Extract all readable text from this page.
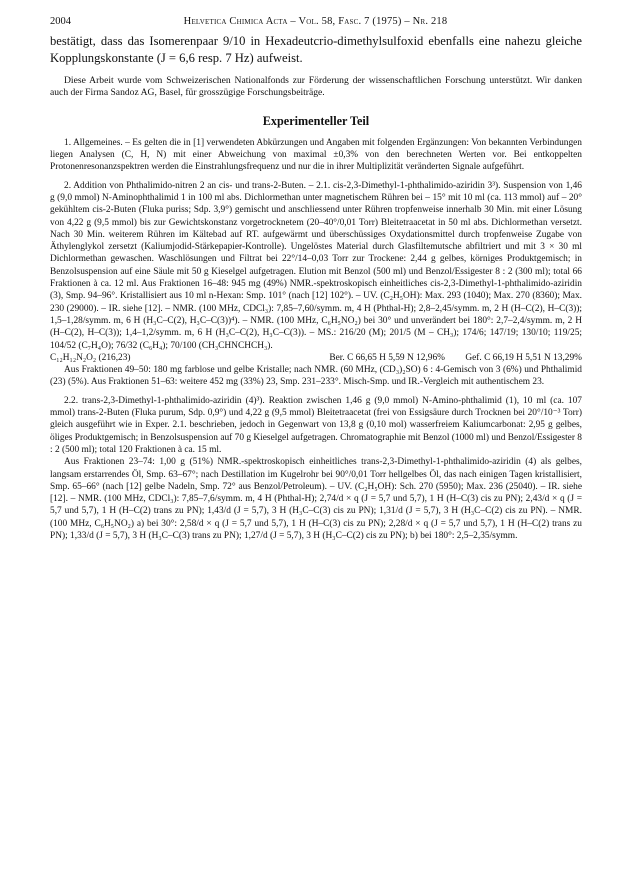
2004	Helvetica Chimica Acta – Vol. 58, Fasc. 7 (1975) – Nr. 218

bestätigt, dass das Isomerenpaar 9/10 in Hexadeutcrio-dimethylsulfoxid ebenfalls eine nahezu gleiche Kopplungskonstante (J = 6,6 resp. 7 Hz) aufweist.

Diese Arbeit wurde vom Schweizerischen Nationalfonds zur Förderung der wissenschaftlichen Forschung unterstützt. Wir danken auch der Firma Sandoz AG, Basel, für grosszügige Forschungsbeiträge.

Experimenteller Teil

1. Allgemeines. – Es gelten die in [1] verwendeten Abkürzungen und Angaben mit folgenden Ergänzungen: Von bekannten Verbindungen liegen Analysen (C, H, N) mit einer Abweichung von maximal ±0,3% von den berechneten Werten vor. Bei entkoppelten Protonenresonanzspektren werden die Einstrahlungsfrequenz und nur die in ihrer Multiplizität veränderten Signale aufgeführt.

2. Addition von Phthalimido-nitren 2 an cis- und trans-2-Buten. – 2.1. cis-2,3-Dimethyl-1-phthalimido-aziridin 3³). Suspension von 1,46 g (9,0 mmol) N-Aminophthalimid 1 in 100 ml abs. Dichlormethan unter magnetischem Rühren bei – 15° mit 10 ml (ca. 113 mmol) auf – 20° gekühltem cis-2-Buten (Fluka puriss; Sdp. 3,9°) gemischt und anschliessend unter Rühren tropfenweise innerhalb 30 Min. mit einer Lösung von 4,22 g (9,5 mmol) bis zur Gewichtskonstanz vorgetrocknetem (20–40°/0,01 Torr) Bleitetraacetat in 50 ml abs. Dichlormethan versetzt. Nach 30 Min. weiterem Rühren im Kältebad auf RT. aufgewärmt und überschüssiges Oxydationsmittel durch tropfenweise Zugabe von Äthylenglykol zersetzt (Kaliumjodid-Stärkepapier-Kontrolle). Ungelöstes Material durch Glasfiltemutsche abfiltriert und mit 3 × 30 ml Dichlormethan gewaschen. Waschlösungen und Filtrat bei 22°/14–0,03 Torr zur Trockene: 2,44 g gelbes, körniges Produktgemisch; in Benzolsuspension auf eine Säule mit 50 g Kieselgel aufgetragen. Elution mit Benzol (500 ml) und Benzol/Essigester 8 : 2 (300 ml); total 66 Fraktionen à ca. 12 ml. Aus Fraktionen 16–48: 945 mg (49%) NMR.-spektroskopisch einheitliches cis-2,3-Dimethyl-1-phthalimido-aziridin (3), Smp. 94–96°. Kristallisiert aus 10 ml n-Hexan: Smp. 101° (nach [12] 102°). – UV. (C₂H₅OH): Max. 293 (1040); Max. 270 (8360); Max. 230 (29000). – IR. siehe [12]. – NMR. (100 MHz, CDCl₃): 7,85–7,60/symm. m, 4 H (Phthal-H); 2,8–2,45/symm. m, 2 H (H–C(2), H–C(3)); 1,5–1,28/symm. m, 6 H (H₃C–C(2), H₃C–C(3))⁴). – NMR. (100 MHz, C₆H₅NO₂) bei 30° und unverändert bei 180°: 2,7–2,4/symm. m, 2 H (H–C(2), H–C(3)); 1,4–1,2/symm. m, 6 H (H₃C–C(2), H₃C–C(3)). – MS.: 216/20 (M); 201/5 (M – CH₃); 174/6; 147/19; 130/10; 119/25; 104/52 (C₇H₄O); 76/32 (C₆H₄); 70/100 (CH₃CHNCHCH₃).

C₁₂H₁₂N₂O₂ (216,23)	Ber. C 66,65 H 5,59 N 12,96% Gef. C 66,19 H 5,51 N 13,29%

Aus Fraktionen 49–50: 180 mg farblose und gelbe Kristalle; nach NMR. (60 MHz, (CD₃)₂SO) 6 : 4-Gemisch von 3 (6%) und Phthalimid (23) (5%). Aus Fraktionen 51–63: weitere 452 mg (33%) 23, Smp. 231–233°. Misch-Smp. und IR.-Vergleich mit authentischem 23.

2.2. trans-2,3-Dimethyl-1-phthalimido-aziridin (4)³). Reaktion zwischen 1,46 g (9,0 mmol) N-Amino-phthalimid (1), 10 ml (ca. 107 mmol) trans-2-Buten (Fluka purum, Sdp. 0,9°) und 4,22 g (9,5 mmol) Bleitetraacetat (frei von Essigsäure durch Trocknen bei 20°/10⁻³ Torr) gleich ausgeführt wie in Exper. 2.1. beschrieben, jedoch in Gegenwart von 13,8 g (0,10 mol) wasserfreiem Kaliumcarbonat: 2,95 g gelbes, öliges Produktgemisch; in Benzolsuspension auf 70 g Kieselgel aufgetragen. Chromatographie mit Benzol (1000 ml) und Benzol/Essigester 8 : 2 (500 ml); total 120 Fraktionen à ca. 15 ml.

Aus Fraktionen 23–74: 1,00 g (51%) NMR.-spektroskopisch einheitliches trans-2,3-Dimethyl-1-phthalimido-aziridin (4) als gelbes, langsam erstarrendes Öl, Smp. 63–67°; nach Destillation im Kugelrohr bei 90°/0,01 Torr hellgelbes Öl, das nach einigen Tagen kristallisiert, Smp. 65–66° (nach [12] gelbe Nadeln, Smp. 72° aus Benzol/Petroleum). – UV. (C₂H₅OH): Sch. 270 (5950); Max. 236 (25040). – IR. siehe [12]. – NMR. (100 MHz, CDCl₃): 7,85–7,6/symm. m, 4 H (Phthal-H); 2,74/d × q (J = 5,7 und 5,7), 1 H (H–C(3) cis zu PN); 2,43/d × q (J = 5,7 und 5,7), 1 H (H–C(2) trans zu PN); 1,43/d (J = 5,7), 3 H (H₃C–C(3) cis zu PN); 1,31/d (J = 5,7), 3 H (H₃C–C(2) cis zu PN). – NMR. (100 MHz, C₆H₅NO₂) a) bei 30°: 2,58/d × q (J = 5,7 und 5,7), 1 H (H–C(3) cis zu PN); 2,28/d × q (J = 5,7 und 5,7), 1 H (H–C(2) trans zu PN); 1,33/d (J = 5,7), 3 H (H₃C–C(3) trans zu PN); 1,27/d (J = 5,7), 3 H (H₃C–C(2) cis zu PN); b) bei 180°: 2,5–2,35/symm.
